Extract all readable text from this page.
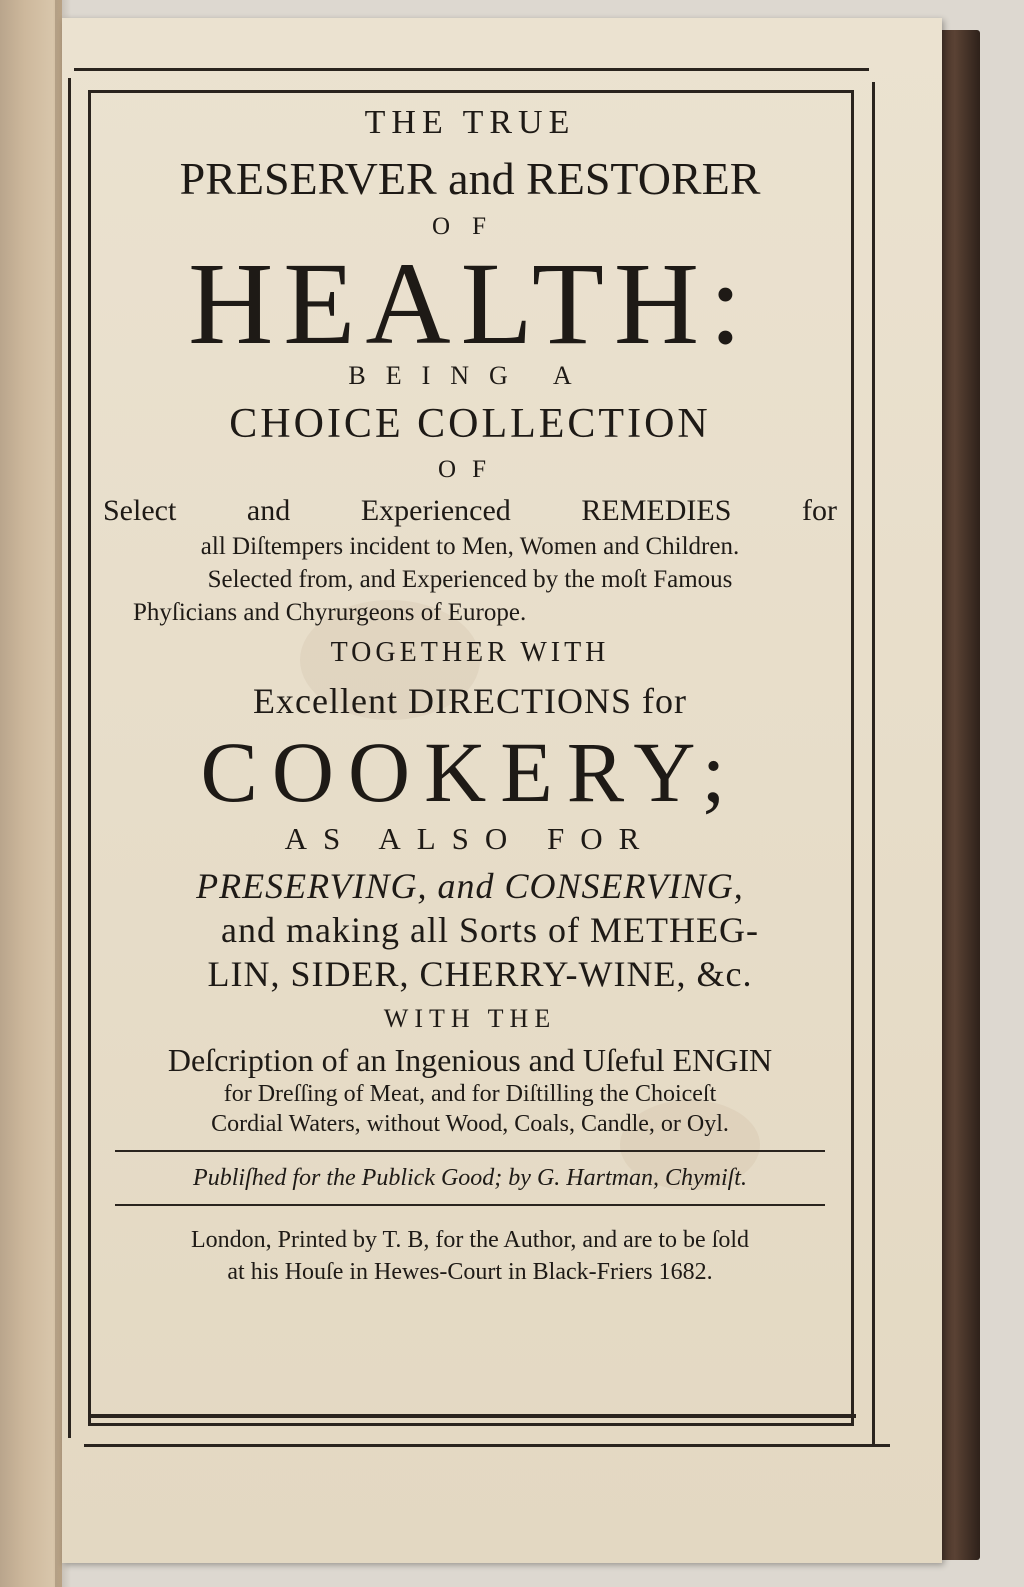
THE TRUE
PRESERVER and RESTORER
OF
HEALTH:
BEING A
CHOICE COLLECTION
OF
Select and Experienced REMEDIES for
all Diſtempers incident to Men, Women and Children.
Selected from, and Experienced by the moſt Famous
Phyſicians and Chyrurgeons of Europe.
TOGETHER WITH
Excellent DIRECTIONS for
COOKERY;
AS ALSO FOR
PRESERVING, and CONSERVING,
and making all Sorts of METHEG-
LIN, SIDER, CHERRY-WINE, &c.
WITH THE
Deſcription of an Ingenious and Uſeful ENGIN
for Dreſſing of Meat, and for Diſtilling the Choiceſt
Cordial Waters, without Wood, Coals, Candle, or Oyl.
Publiſhed for the Publick Good; by G. Hartman, Chymiſt.
London, Printed by T. B, for the Author, and are to be ſold
at his Houſe in Hewes-Court in Black-Friers 1682.
